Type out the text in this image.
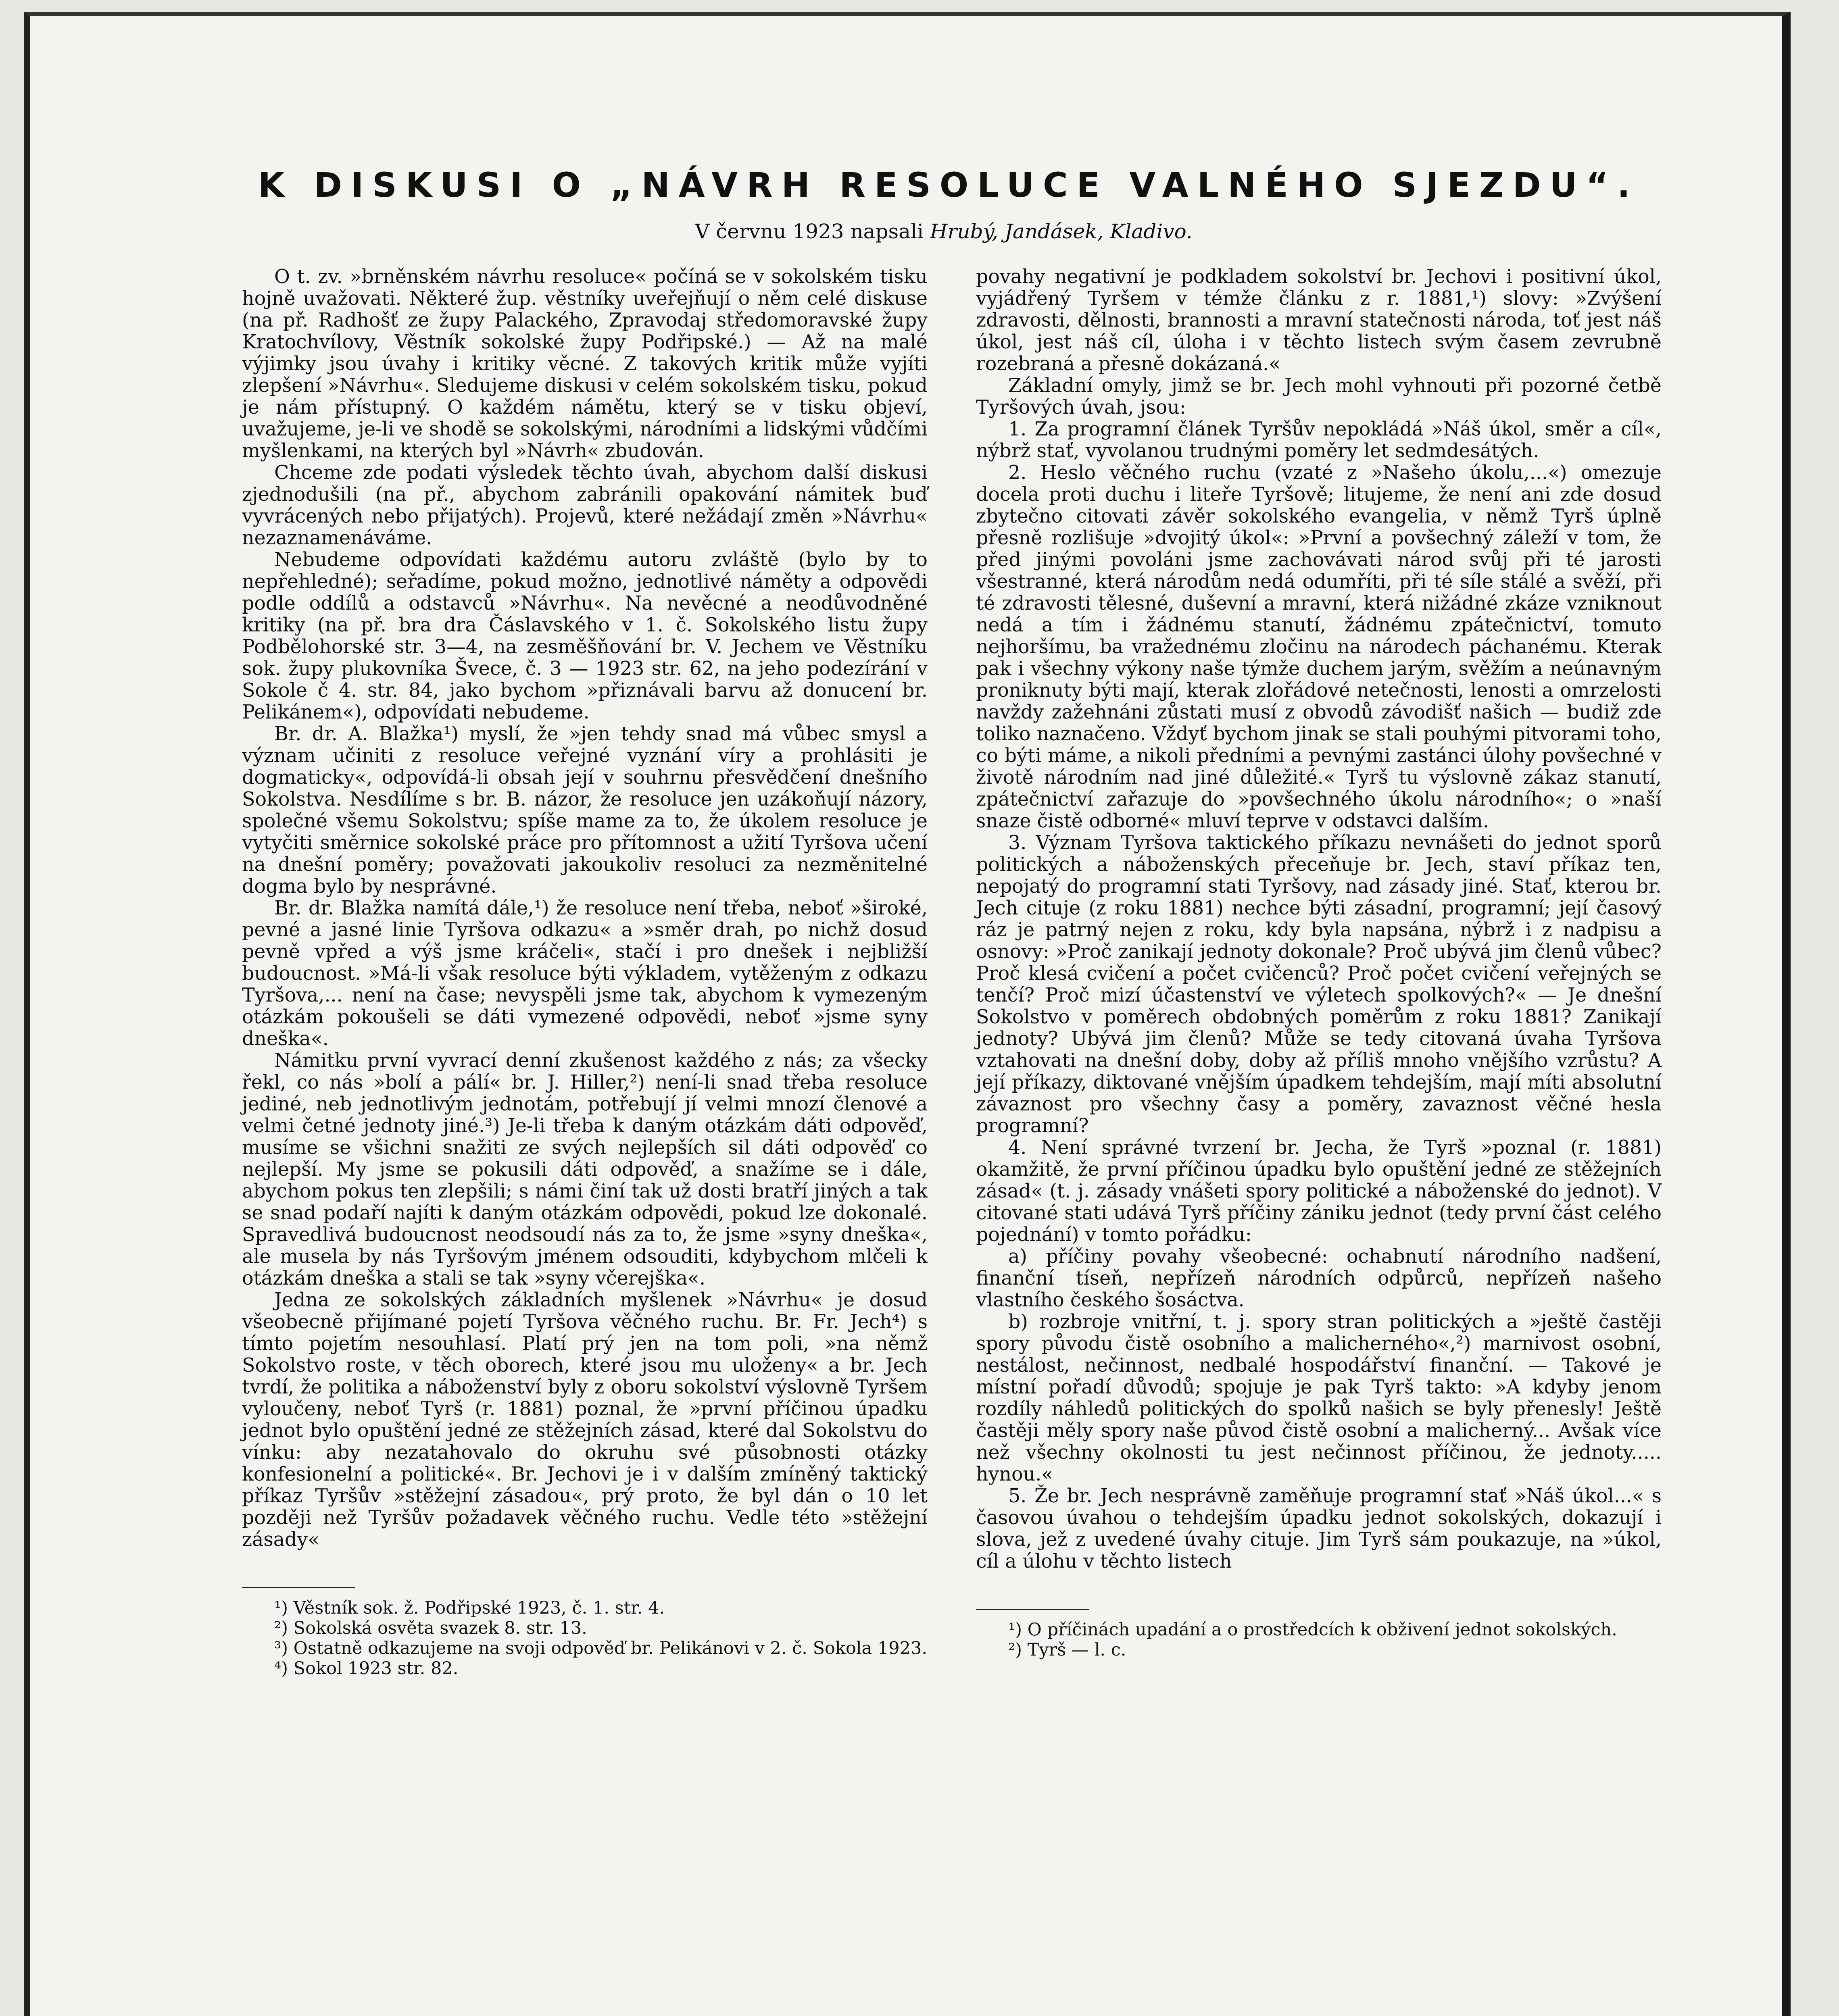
K DISKUSI O „NÁVRH RESOLUCE VALNÉHO SJEZDU“.
V červnu 1923 napsali Hrubý, Jandásek, Kladivo.

O t. zv. »brněnském návrhu resoluce« počíná se v sokolském tisku hojně uvažovati. Některé žup. věstníky uveřejňují o něm celé diskuse (na př. Radhošť ze župy Palackého, Zpravodaj středomoravské župy Kratochvílovy, Věstník sokolské župy Podřipské.) — Až na malé výjimky jsou úvahy i kritiky věcné. Z takových kritik může vyjíti zlepšení »Návrhu«. Sledujeme diskusi v celém sokolském tisku, pokud je nám přístupný. O každém námětu, který se v tisku objeví, uvažujeme, je-li ve shodě se sokolskými, národními a lidskými vůdčími myšlenkami, na kterých byl »Návrh« zbudován.

Chceme zde podati výsledek těchto úvah, abychom další diskusi zjednodušili (na př., abychom zabránili opakování námitek buď vyvrácených nebo přijatých). Projevů, které nežádají změn »Návrhu« nezaznamenáváme.

Nebudeme odpovídati každému autoru zvláště (bylo by to nepřehledné); seřadíme, pokud možno, jednotlivé náměty a odpovědi podle oddílů a odstavců »Návrhu«. Na nevěcné a neodůvodněné kritiky (na př. bra dra Čáslavského v 1. č. Sokolského listu župy Podbělohorské str. 3—4, na zesměšňování br. V. Jechem ve Věstníku sok. župy plukovníka Švece, č. 3 — 1923 str. 62, na jeho podezírání v Sokole č 4. str. 84, jako bychom »přiznávali barvu až donucení br. Pelikánem«), odpovídati nebudeme.

Br. dr. A. Blažka¹) myslí, že »jen tehdy snad má vůbec smysl a význam učiniti z resoluce veřejné vyznání víry a prohlásiti je dogmaticky«, odpovídá-li obsah její v souhrnu přesvědčení dnešního Sokolstva. Nesdílíme s br. B. názor, že resoluce jen uzákoňují názory, společné všemu Sokolstvu; spíše mame za to, že úkolem resoluce je vytyčiti směrnice sokolské práce pro přítomnost a užití Tyršova učení na dnešní poměry; považovati jakoukoliv resoluci za nezměnitelné dogma bylo by nesprávné.

Br. dr. Blažka namítá dále,¹) že resoluce není třeba, neboť »široké, pevné a jasné linie Tyršova odkazu« a »směr drah, po nichž dosud pevně vpřed a výš jsme kráčeli«, stačí i pro dnešek i nejbližší budoucnost. »Má-li však resoluce býti výkladem, vytěženým z odkazu Tyršova,... není na čase; nevyspěli jsme tak, abychom k vymezeným otázkám pokoušeli se dáti vymezené odpovědi, neboť »jsme syny dneška«.

Námitku první vyvrací denní zkušenost každého z nás; za všecky řekl, co nás »bolí a pálí« br. J. Hiller,²) není-li snad třeba resoluce jediné, neb jednotlivým jednotám, potřebují jí velmi mnozí členové a velmi četné jednoty jiné.³) Je-li třeba k daným otázkám dáti odpověď, musíme se všichni snažiti ze svých nejlepších sil dáti odpověď co nejlepší. My jsme se pokusili dáti odpověď, a snažíme se i dále, abychom pokus ten zlepšili; s námi činí tak už dosti bratří jiných a tak se snad podaří najíti k daným otázkám odpovědi, pokud lze dokonalé. Spravedlivá budoucnost neodsoudí nás za to, že jsme »syny dneška«, ale musela by nás Tyršovým jménem odsouditi, kdybychom mlčeli k otázkám dneška a stali se tak »syny včerejška«.

Jedna ze sokolských základních myšlenek »Návrhu« je dosud všeobecně přijímané pojetí Tyršova věčného ruchu. Br. Fr. Jech⁴) s tímto pojetím nesouhlasí. Platí prý jen na tom poli, »na němž Sokolstvo roste, v těch oborech, které jsou mu uloženy« a br. Jech tvrdí, že politika a náboženství byly z oboru sokolství výslovně Tyršem vyloučeny, neboť Tyrš (r. 1881) poznal, že »první příčinou úpadku jednot bylo opuštění jedné ze stěžejních zásad, které dal Sokolstvu do vínku: aby nezatahovalo do okruhu své působnosti otázky konfesionelní a politické«. Br. Jechovi je i v dalším zmíněný taktický příkaz Tyršův »stěžejní zásadou«, prý proto, že byl dán o 10 let později než Tyršův požadavek věčného ruchu. Vedle této »stěžejní zásady«

¹) Věstník sok. ž. Podřipské 1923, č. 1. str. 4.

²) Sokolská osvěta svazek 8. str. 13.

³) Ostatně odkazujeme na svoji odpověď br. Pelikánovi v 2. č. Sokola 1923.

⁴) Sokol 1923 str. 82.

povahy negativní je podkladem sokolství br. Jechovi i positivní úkol, vyjádřený Tyršem v témže článku z r. 1881,¹) slovy: »Zvýšení zdravosti, dělnosti, brannosti a mravní statečnosti národa, toť jest náš úkol, jest náš cíl, úloha i v těchto listech svým časem zevrubně rozebraná a přesně dokázaná.«

Základní omyly, jimž se br. Jech mohl vyhnouti při pozorné četbě Tyršových úvah, jsou:

1. Za programní článek Tyršův nepokládá »Náš úkol, směr a cíl«, nýbrž stať, vyvolanou trudnými poměry let sedmdesátých.

2. Heslo věčného ruchu (vzaté z »Našeho úkolu,...«) omezuje docela proti duchu i liteře Tyršově; litujeme, že není ani zde dosud zbytečno citovati závěr sokolského evangelia, v němž Tyrš úplně přesně rozlišuje »dvojitý úkol«: »První a povšechný záleží v tom, že před jinými povoláni jsme zachovávati národ svůj při té jarosti všestranné, která národům nedá odumříti, při té síle stálé a svěží, při té zdravosti tělesné, duševní a mravní, která nižádné zkáze vzniknout nedá a tím i žádnému stanutí, žádnému zpátečnictví, tomuto nejhoršímu, ba vražednému zločinu na národech páchanému. Kterak pak i všechny výkony naše týmže duchem jarým, svěžím a neúnavným proniknuty býti mají, kterak zlořádové netečnosti, lenosti a omrzelosti navždy zažehnáni zůstati musí z obvodů závodišť našich — budiž zde toliko naznačeno. Vždyť bychom jinak se stali pouhými pitvorami toho, co býti máme, a nikoli předními a pevnými zastánci úlohy povšechné v životě národním nad jiné důležité.« Tyrš tu výslovně zákaz stanutí, zpátečnictví zařazuje do »povšechného úkolu národního«; o »naší snaze čistě odborné« mluví teprve v odstavci dalším.

3. Význam Tyršova taktického příkazu nevnášeti do jednot sporů politických a náboženských přeceňuje br. Jech, staví příkaz ten, nepojatý do programní stati Tyršovy, nad zásady jiné. Stať, kterou br. Jech cituje (z roku 1881) nechce býti zásadní, programní; její časový ráz je patrný nejen z roku, kdy byla napsána, nýbrž i z nadpisu a osnovy: »Proč zanikají jednoty dokonale? Proč ubývá jim členů vůbec? Proč klesá cvičení a počet cvičenců? Proč počet cvičení veřejných se tenčí? Proč mizí účastenství ve výletech spolkových?« — Je dnešní Sokolstvo v poměrech obdobných poměrům z roku 1881? Zanikají jednoty? Ubývá jim členů? Může se tedy citovaná úvaha Tyršova vztahovati na dnešní doby, doby až příliš mnoho vnějšího vzrůstu? A její příkazy, diktované vnějším úpadkem tehdejším, mají míti absolutní závaznost pro všechny časy a poměry, zavaznost věčné hesla programní?

4. Není správné tvrzení br. Jecha, že Tyrš »poznal (r. 1881) okamžitě, že první příčinou úpadku bylo opuštění jedné ze stěžejních zásad« (t. j. zásady vnášeti spory politické a náboženské do jednot). V citované stati udává Tyrš příčiny zániku jednot (tedy první část celého pojednání) v tomto pořádku:

a) příčiny povahy všeobecné: ochabnutí národního nadšení, finanční tíseň, nepřízeň národních odpůrců, nepřízeň našeho vlastního českého šosáctva.

b) rozbroje vnitřní, t. j. spory stran politických a »ještě častěji spory původu čistě osobního a malicherného«,²) marnivost osobní, nestálost, nečinnost, nedbalé hospodářství finanční. — Takové je místní pořadí důvodů; spojuje je pak Tyrš takto: »A kdyby jenom rozdíly náhledů politických do spolků našich se byly přenesly! Ještě častěji měly spory naše původ čistě osobní a malicherný... Avšak více než všechny okolnosti tu jest nečinnost příčinou, že jednoty..... hynou.«

5. Že br. Jech nesprávně zaměňuje programní stať »Náš úkol...« s časovou úvahou o tehdejším úpadku jednot sokolských, dokazují i slova, jež z uvedené úvahy cituje. Jim Tyrš sám poukazuje, na »úkol, cíl a úlohu v těchto listech

¹) O příčinách upadání a o prostředcích k obživení jednot sokolských.

²) Tyrš — l. c.
